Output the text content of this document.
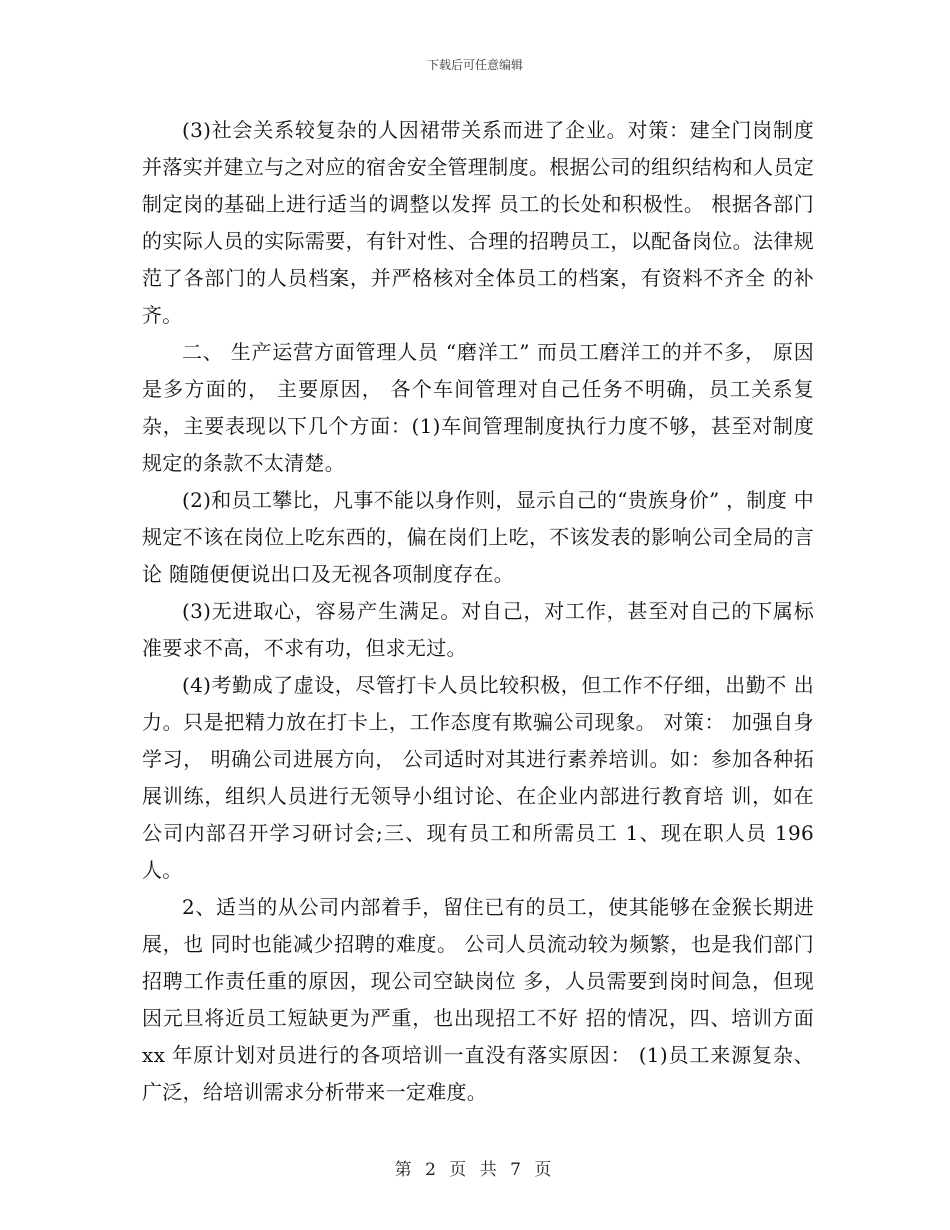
下载后可任意编辑

(3)社会关系较复杂的人因裙带关系而进了企业。对策：建全门岗制度并落实并建立与之对应的宿舍安全管理制度。根据公司的组织结构和人员定制定岗的基础上进行适当的调整以发挥 员工的长处和积极性。 根据各部门的实际人员的实际需要，有针对性、合理的招聘员工，以配备岗位。法律规范了各部门的人员档案，并严格核对全体员工的档案，有资料不齐全 的补齐。

二、 生产运营方面管理人员 “磨洋工” 而员工磨洋工的并不多， 原因是多方面的， 主要原因， 各个车间管理对自己任务不明确，员工关系复杂，主要表现以下几个方面：(1)车间管理制度执行力度不够，甚至对制度规定的条款不太清楚。

(2)和员工攀比，凡事不能以身作则，显示自己的“贵族身价” ，制度 中规定不该在岗位上吃东西的，偏在岗们上吃，不该发表的影响公司全局的言论 随随便便说出口及无视各项制度存在。

(3)无进取心，容易产生满足。对自己，对工作，甚至对自己的下属标准要求不高，不求有功，但求无过。

(4)考勤成了虚设，尽管打卡人员比较积极，但工作不仔细，出勤不 出力。只是把精力放在打卡上，工作态度有欺骗公司现象。 对策： 加强自身学习， 明确公司进展方向， 公司适时对其进行素养培训。如：参加各种拓展训练，组织人员进行无领导小组讨论、在企业内部进行教育培 训，如在公司内部召开学习研讨会;三、现有员工和所需员工 1、现在职人员 196 人。

2、适当的从公司内部着手，留住已有的员工，使其能够在金猴长期进展，也 同时也能减少招聘的难度。 公司人员流动较为频繁，也是我们部门招聘工作责任重的原因，现公司空缺岗位 多，人员需要到岗时间急，但现因元旦将近员工短缺更为严重，也出现招工不好 招的情况，四、培训方面 xx 年原计划对员进行的各项培训一直没有落实原因： (1)员工来源复杂、广泛，给培训需求分析带来一定难度。

第 2 页 共 7 页
